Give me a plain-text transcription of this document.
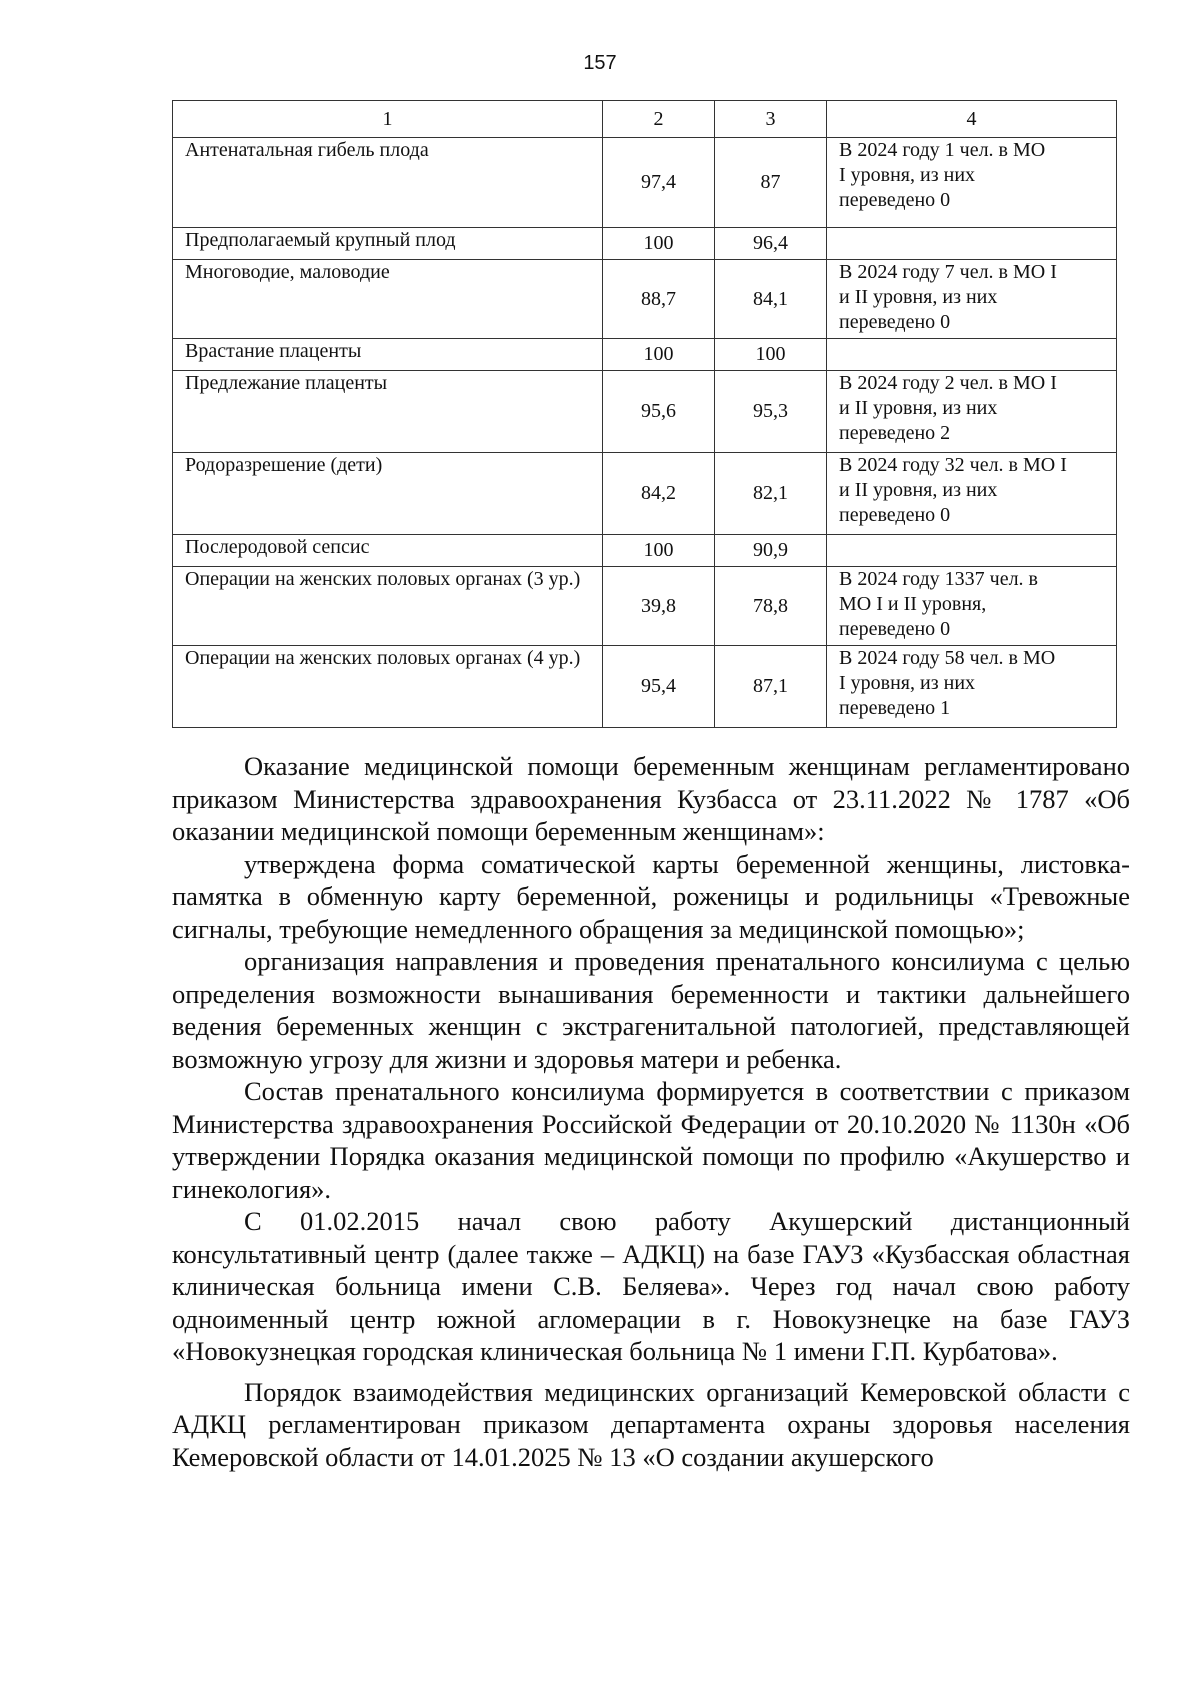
157
1	2	3	4
Антенатальная гибель плода	97,4	87	В 2024 году 1 чел. в МО
I уровня, из них
переведено 0

Предполагаемый крупный плод	100	96,4	
Многоводие, маловодие	88,7	84,1	В 2024 году 7 чел. в МО I
и II уровня, из них
переведено 0

Врастание плаценты	100	100	
Предлежание плаценты	95,6	95,3	В 2024 году 2 чел. в МО I
и II уровня, из них
переведено 2

Родоразрешение (дети)	84,2	82,1	В 2024 году 32 чел. в МО I
и II уровня, из них
переведено 0

Послеродовой сепсис	100	90,9	
Операции на женских половых органах (3 ур.)	39,8	78,8	В 2024 году 1337 чел. в
МО I и II уровня,
переведено 0

Операции на женских половых органах (4 ур.)	95,4	87,1	В 2024 году 58 чел. в МО
I уровня, из них
переведено 1

Оказание медицинской помощи беременным женщинам регламентировано приказом Министерства здравоохранения Кузбасса от 23.11.2022 № 1787 «Об оказании медицинской помощи беременным женщинам»:

утверждена форма соматической карты беременной женщины, листовка-памятка в обменную карту беременной, роженицы и родильницы «Тревожные сигналы, требующие немедленного обращения за медицинской помощью»;

организация направления и проведения пренатального консилиума с целью определения возможности вынашивания беременности и тактики дальнейшего ведения беременных женщин с экстрагенитальной патологией, представляющей возможную угрозу для жизни и здоровья матери и ребенка.

Состав пренатального консилиума формируется в соответствии с приказом Министерства здравоохранения Российской Федерации от 20.10.2020 № 1130н «Об утверждении Порядка оказания медицинской помощи по профилю «Акушерство и гинекология».

С 01.02.2015 начал свою работу Акушерский дистанционный консультативный центр (далее также – АДКЦ) на базе ГАУЗ «Кузбасская областная клиническая больница имени С.В. Беляева». Через год начал свою работу одноименный центр южной агломерации в г. Новокузнецке на базе ГАУЗ «Новокузнецкая городская клиническая больница № 1 имени Г.П. Курбатова».

Порядок взаимодействия медицинских организаций Кемеровской области с АДКЦ регламентирован приказом департамента охраны здоровья населения Кемеровской области от 14.01.2025 № 13 «О создании акушерского
